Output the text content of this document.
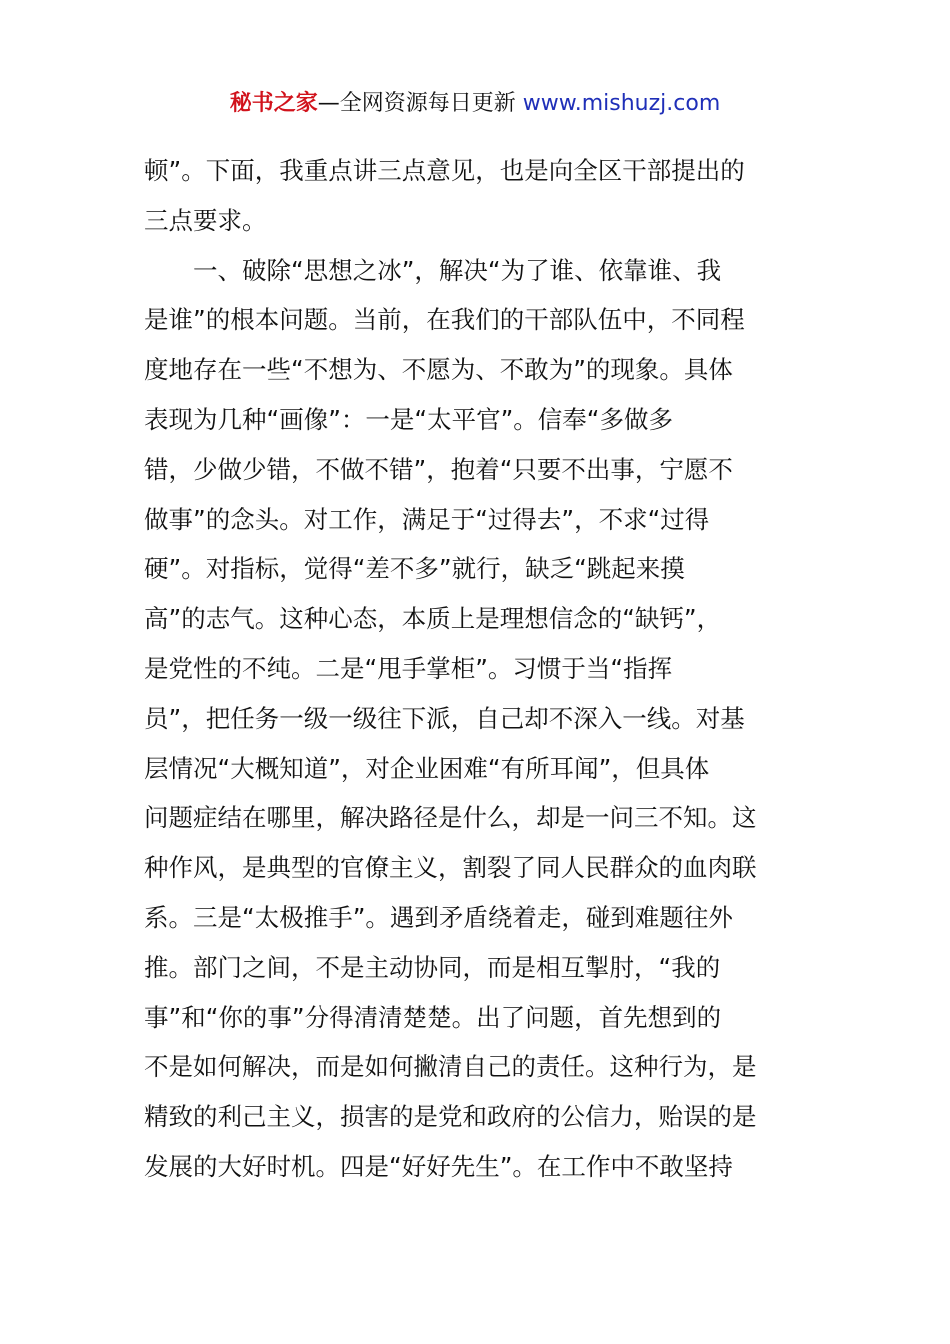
秘书之家—全网资源每日更新 www.mishuzj.com
顿”。下面，我重点讲三点意见，也是向全区干部提出的
三点要求。
一、破除“思想之冰”，解决“为了谁、依靠谁、我
是谁”的根本问题。当前，在我们的干部队伍中，不同程
度地存在一些“不想为、不愿为、不敢为”的现象。具体
表现为几种“画像”：一是“太平官”。信奉“多做多
错，少做少错，不做不错”，抱着“只要不出事，宁愿不
做事”的念头。对工作，满足于“过得去”，不求“过得
硬”。对指标，觉得“差不多”就行，缺乏“跳起来摸
高”的志气。这种心态，本质上是理想信念的“缺钙”，
是党性的不纯。二是“甩手掌柜”。习惯于当“指挥
员”，把任务一级一级往下派，自己却不深入一线。对基
层情况“大概知道”，对企业困难“有所耳闻”，但具体
问题症结在哪里，解决路径是什么，却是一问三不知。这
种作风，是典型的官僚主义，割裂了同人民群众的血肉联
系。三是“太极推手”。遇到矛盾绕着走，碰到难题往外
推。部门之间，不是主动协同，而是相互掣肘，“我的
事”和“你的事”分得清清楚楚。出了问题，首先想到的
不是如何解决，而是如何撇清自己的责任。这种行为，是
精致的利己主义，损害的是党和政府的公信力，贻误的是
发展的大好时机。四是“好好先生”。在工作中不敢坚持
